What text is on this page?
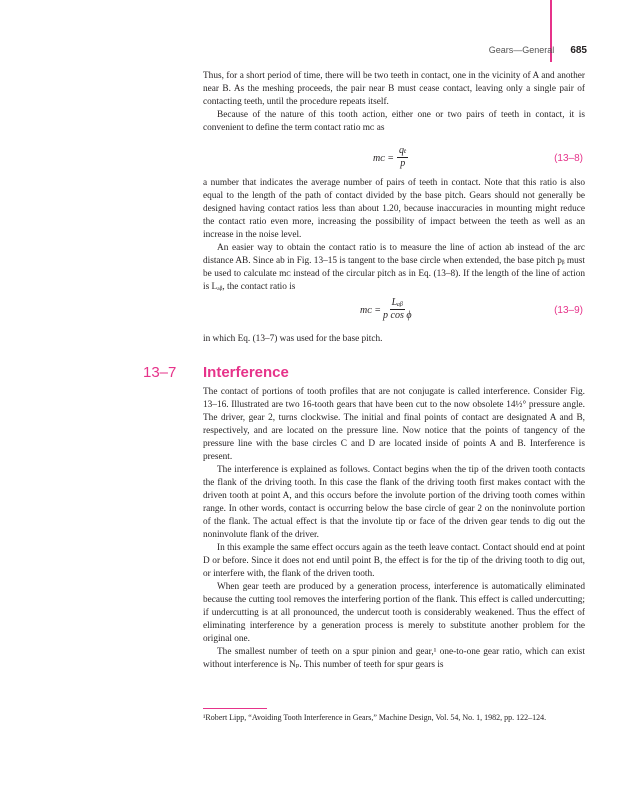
Gears—General 685

Thus, for a short period of time, there will be two teeth in contact, one in the vicinity of A and another near B. As the meshing proceeds, the pair near B must cease contact, leaving only a single pair of contacting teeth, until the procedure repeats itself.

Because of the nature of this tooth action, either one or two pairs of teeth in contact, it is convenient to define the term contact ratio mᴄ as

mᴄ = $\frac{\text{qₜ}}{p}$	(13–8)

a number that indicates the average number of pairs of teeth in contact. Note that this ratio is also equal to the length of the path of contact divided by the base pitch. Gears should not generally be designed having contact ratios less than about 1.20, because inaccuracies in mounting might reduce the contact ratio even more, increasing the possibility of impact between the teeth as well as an increase in the noise level.

An easier way to obtain the contact ratio is to measure the line of action ab instead of the arc distance AB. Since ab in Fig. 13–15 is tangent to the base circle when extended, the base pitch pᵦ must be used to calculate mᴄ instead of the circular pitch as in Eq. (13–8). If the length of the line of action is Lₐᵦ, the contact ratio is

mᴄ =
Lₐᵦ
p cos ϕ	(13–9)

in which Eq. (13–7) was used for the base pitch.

13–7 Interference

The contact of portions of tooth profiles that are not conjugate is called interference. Consider Fig. 13–16. Illustrated are two 16-tooth gears that have been cut to the now obsolete 14½° pressure angle. The driver, gear 2, turns clockwise. The initial and final points of contact are designated A and B, respectively, and are located on the pressure line. Now notice that the points of tangency of the pressure line with the base circles C and D are located inside of points A and B. Interference is present.

The interference is explained as follows. Contact begins when the tip of the driven tooth contacts the flank of the driving tooth. In this case the flank of the driving tooth first makes contact with the driven tooth at point A, and this occurs before the involute portion of the driving tooth comes within range. In other words, contact is occurring below the base circle of gear 2 on the noninvolute portion of the flank. The actual effect is that the involute tip or face of the driven gear tends to dig out the noninvolute flank of the driver.

In this example the same effect occurs again as the teeth leave contact. Contact should end at point D or before. Since it does not end until point B, the effect is for the tip of the driving tooth to dig out, or interfere with, the flank of the driven tooth.

When gear teeth are produced by a generation process, interference is automatically eliminated because the cutting tool removes the interfering portion of the flank. This effect is called undercutting; if undercutting is at all pronounced, the undercut tooth is considerably weakened. Thus the effect of eliminating interference by a generation process is merely to substitute another problem for the original one.

The smallest number of teeth on a spur pinion and gear,¹ one-to-one gear ratio, which can exist without interference is Nₚ. This number of teeth for spur gears is

¹Robert Lipp, “Avoiding Tooth Interference in Gears,” Machine Design, Vol. 54, No. 1, 1982, pp. 122–124.
